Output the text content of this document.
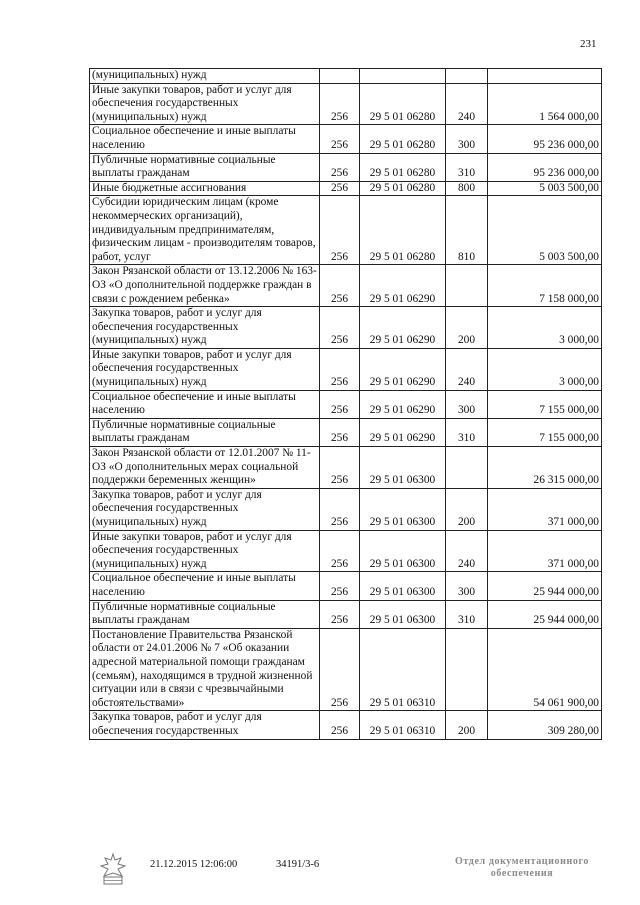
231
(муниципальных) нужд				
Иные закупки товаров, работ и услуг для обеспечения государственных (муниципальных) нужд	256	29 5 01 06280	240	1 564 000,00
Социальное обеспечение и иные выплаты населению	256	29 5 01 06280	300	95 236 000,00
Публичные нормативные социальные выплаты гражданам	256	29 5 01 06280	310	95 236 000,00
Иные бюджетные ассигнования	256	29 5 01 06280	800	5 003 500,00
Субсидии юридическим лицам (кроме некоммерческих организаций), индивидуальным предпринимателям, физическим лицам - производителям товаров, работ, услуг	256	29 5 01 06280	810	5 003 500,00
Закон Рязанской области от 13.12.2006 № 163-ОЗ «О дополнительной поддержке граждан в связи с рождением ребенка»	256	29 5 01 06290		7 158 000,00
Закупка товаров, работ и услуг для обеспечения государственных (муниципальных) нужд	256	29 5 01 06290	200	3 000,00
Иные закупки товаров, работ и услуг для обеспечения государственных (муниципальных) нужд	256	29 5 01 06290	240	3 000,00
Социальное обеспечение и иные выплаты населению	256	29 5 01 06290	300	7 155 000,00
Публичные нормативные социальные выплаты гражданам	256	29 5 01 06290	310	7 155 000,00
Закон Рязанской области от 12.01.2007 № 11-ОЗ «О дополнительных мерах социальной поддержки беременных женщин»	256	29 5 01 06300		26 315 000,00
Закупка товаров, работ и услуг для обеспечения государственных (муниципальных) нужд	256	29 5 01 06300	200	371 000,00
Иные закупки товаров, работ и услуг для обеспечения государственных (муниципальных) нужд	256	29 5 01 06300	240	371 000,00
Социальное обеспечение и иные выплаты населению	256	29 5 01 06300	300	25 944 000,00
Публичные нормативные социальные выплаты гражданам	256	29 5 01 06300	310	25 944 000,00
Постановление Правительства Рязанской области от 24.01.2006 № 7 «Об оказании адресной материальной помощи гражданам (семьям), находящимся в трудной жизненной ситуации или в связи с чрезвычайными обстоятельствами»	256	29 5 01 06310		54 061 900,00
Закупка товаров, работ и услуг для обеспечения государственных	256	29 5 01 06310	200	309 280,00
21.12.2015 12:06:00	34191/3-6	Отдел документационного
обеспечения
